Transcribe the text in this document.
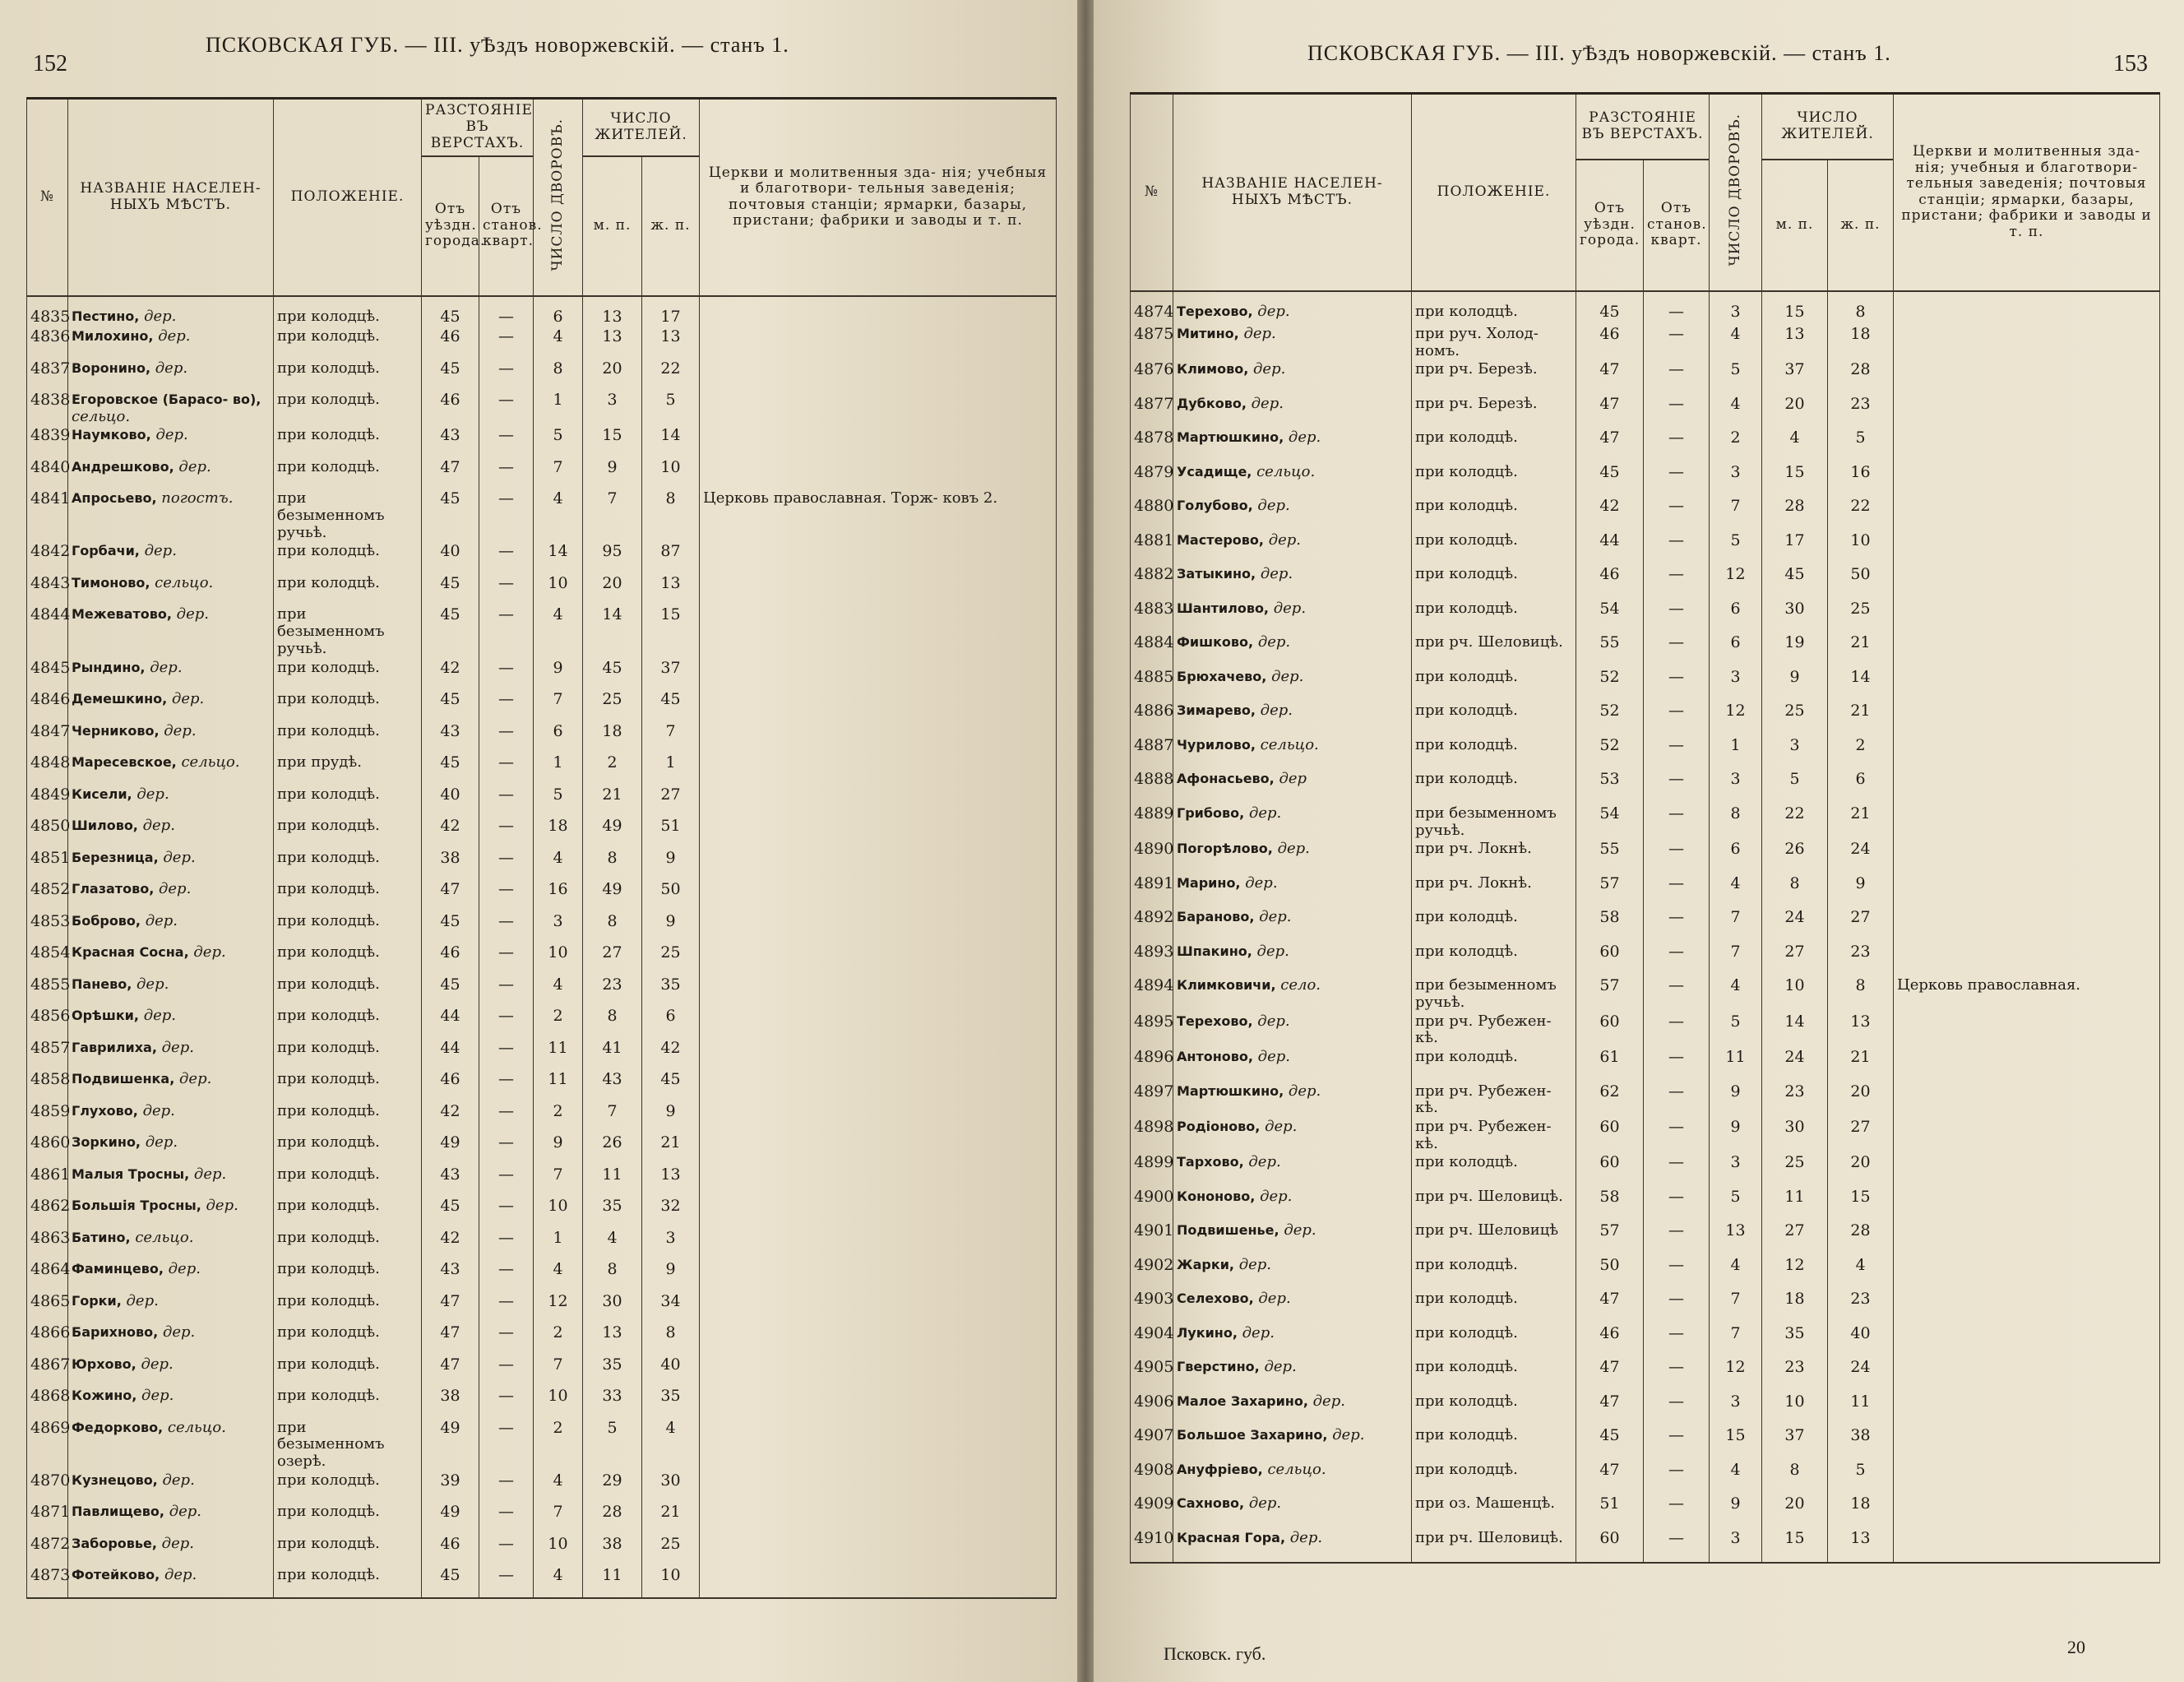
152
ПСКОВСКАЯ ГУБ. — III. уѢздъ новоржевскій. — станъ 1.
№	НАЗВАНІЕ НАСЕЛЕН- НЫХЪ МѢСТЪ.	ПОЛОЖЕНІЕ.	РАЗСТОЯНІЕ ВЪ ВЕРСТАХЪ.		ЧИСЛО ДВОРОВЪ.	ЧИСЛО ЖИТЕЛЕЙ.		Церкви и молитвенныя зда- нія; учебныя и благотвори- тельныя заведенія; почтовыя станціи; ярмарки, базары, пристани; фабрики и заводы и т. п.
			Отъ уѣздн. города.	Отъ станов. кварт.		м. п.	ж. п.	
4835	Пестино, дер.	при колодцѣ.	45	—	6	13	17	
4836	Милохино, дер.	при колодцѣ.	46	—	4	13	13	
4837	Воронино, дер.	при колодцѣ.	45	—	8	20	22	
4838	Егоровское (Барасо- во), сельцо.	при колодцѣ.	46	—	1	3	5	
4839	Наумково, дер.	при колодцѣ.	43	—	5	15	14	
4840	Андрешково, дер.	при колодцѣ.	47	—	7	9	10	
4841	Апросьево, погостъ.	при безыменномъ ручьѣ.	45	—	4	7	8	Церковь православная. Торж- ковъ 2.
4842	Горбачи, дер.	при колодцѣ.	40	—	14	95	87	
4843	Тимоново, сельцо.	при колодцѣ.	45	—	10	20	13	
4844	Межеватово, дер.	при безыменномъ ручьѣ.	45	—	4	14	15	
4845	Рындино, дер.	при колодцѣ.	42	—	9	45	37	
4846	Демешкино, дер.	при колодцѣ.	45	—	7	25	45	
4847	Черниково, дер.	при колодцѣ.	43	—	6	18	7	
4848	Маресевское, сельцо.	при прудѣ.	45	—	1	2	1	
4849	Кисели, дер.	при колодцѣ.	40	—	5	21	27	
4850	Шилово, дер.	при колодцѣ.	42	—	18	49	51	
4851	Березница, дер.	при колодцѣ.	38	—	4	8	9	
4852	Глазатово, дер.	при колодцѣ.	47	—	16	49	50	
4853	Боброво, дер.	при колодцѣ.	45	—	3	8	9	
4854	Красная Сосна, дер.	при колодцѣ.	46	—	10	27	25	
4855	Панево, дер.	при колодцѣ.	45	—	4	23	35	
4856	Орѣшки, дер.	при колодцѣ.	44	—	2	8	6	
4857	Гаврилиха, дер.	при колодцѣ.	44	—	11	41	42	
4858	Подвишенка, дер.	при колодцѣ.	46	—	11	43	45	
4859	Глухово, дер.	при колодцѣ.	42	—	2	7	9	
4860	Зоркино, дер.	при колодцѣ.	49	—	9	26	21	
4861	Малыя Тросны, дер.	при колодцѣ.	43	—	7	11	13	
4862	Большія Тросны, дер.	при колодцѣ.	45	—	10	35	32	
4863	Батино, сельцо.	при колодцѣ.	42	—	1	4	3	
4864	Фаминцево, дер.	при колодцѣ.	43	—	4	8	9	
4865	Горки, дер.	при колодцѣ.	47	—	12	30	34	
4866	Барихново, дер.	при колодцѣ.	47	—	2	13	8	
4867	Юрхово, дер.	при колодцѣ.	47	—	7	35	40	
4868	Кожино, дер.	при колодцѣ.	38	—	10	33	35	
4869	Федорково, сельцо.	при безыменномъ озерѣ.	49	—	2	5	4	
4870	Кузнецово, дер.	при колодцѣ.	39	—	4	29	30	
4871	Павлищево, дер.	при колодцѣ.	49	—	7	28	21	
4872	Заборовье, дер.	при колодцѣ.	46	—	10	38	25	
4873	Фотейково, дер.	при колодцѣ.	45	—	4	11	10	
153
ПСКОВСКАЯ ГУБ. — III. уѢздъ новоржевскій. — станъ 1.
№	НАЗВАНІЕ НАСЕЛЕН- НЫХЪ МѢСТЪ.	ПОЛОЖЕНІЕ.	РАЗСТОЯНІЕ ВЪ ВЕРСТАХЪ.		ЧИСЛО ДВОРОВЪ.	ЧИСЛО ЖИТЕЛЕЙ.		Церкви и молитвенныя зда- нія; учебныя и благотвори- тельныя заведенія; почтовыя станціи; ярмарки, базары, пристани; фабрики и заводы и т. п.
			Отъ уѣздн. города.	Отъ станов. кварт.		м. п.	ж. п.	
4874	Терехово, дер.	при колодцѣ.	45	—	3	15	8	
4875	Митино, дер.	при руч. Холод- номъ.	46	—	4	13	18	
4876	Климово, дер.	при рч. Березѣ.	47	—	5	37	28	
4877	Дубково, дер.	при рч. Березѣ.	47	—	4	20	23	
4878	Мартюшкино, дер.	при колодцѣ.	47	—	2	4	5	
4879	Усадище, сельцо.	при колодцѣ.	45	—	3	15	16	
4880	Голубово, дер.	при колодцѣ.	42	—	7	28	22	
4881	Мастерово, дер.	при колодцѣ.	44	—	5	17	10	
4882	Затыкино, дер.	при колодцѣ.	46	—	12	45	50	
4883	Шантилово, дер.	при колодцѣ.	54	—	6	30	25	
4884	Фишково, дер.	при рч. Шеловицѣ.	55	—	6	19	21	
4885	Брюхачево, дер.	при колодцѣ.	52	—	3	9	14	
4886	Зимарево, дер.	при колодцѣ.	52	—	12	25	21	
4887	Чурилово, сельцо.	при колодцѣ.	52	—	1	3	2	
4888	Афонасьево, дер	при колодцѣ.	53	—	3	5	6	
4889	Грибово, дер.	при безыменномъ ручьѣ.	54	—	8	22	21	
4890	Погорѣлово, дер.	при рч. Локнѣ.	55	—	6	26	24	
4891	Марино, дер.	при рч. Локнѣ.	57	—	4	8	9	
4892	Бараново, дер.	при колодцѣ.	58	—	7	24	27	
4893	Шпакино, дер.	при колодцѣ.	60	—	7	27	23	
4894	Климковичи, село.	при безыменномъ ручьѣ.	57	—	4	10	8	Церковь православная.
4895	Терехово, дер.	при рч. Рубежен- кѣ.	60	—	5	14	13	
4896	Антоново, дер.	при колодцѣ.	61	—	11	24	21	
4897	Мартюшкино, дер.	при рч. Рубежен- кѣ.	62	—	9	23	20	
4898	Родіоново, дер.	при рч. Рубежен- кѣ.	60	—	9	30	27	
4899	Тархово, дер.	при колодцѣ.	60	—	3	25	20	
4900	Кононово, дер.	при рч. Шеловицѣ.	58	—	5	11	15	
4901	Подвишенье, дер.	при рч. Шеловицѣ	57	—	13	27	28	
4902	Жарки, дер.	при колодцѣ.	50	—	4	12	4	
4903	Селехово, дер.	при колодцѣ.	47	—	7	18	23	
4904	Лукино, дер.	при колодцѣ.	46	—	7	35	40	
4905	Гверстино, дер.	при колодцѣ.	47	—	12	23	24	
4906	Малое Захарино, дер.	при колодцѣ.	47	—	3	10	11	
4907	Большое Захарино, дер.	при колодцѣ.	45	—	15	37	38	
4908	Ануфріево, сельцо.	при колодцѣ.	47	—	4	8	5	
4909	Сахново, дер.	при оз. Машенцѣ.	51	—	9	20	18	
4910	Красная Гора, дер.	при рч. Шеловицѣ.	60	—	3	15	13	
Псковск. губ.	20
